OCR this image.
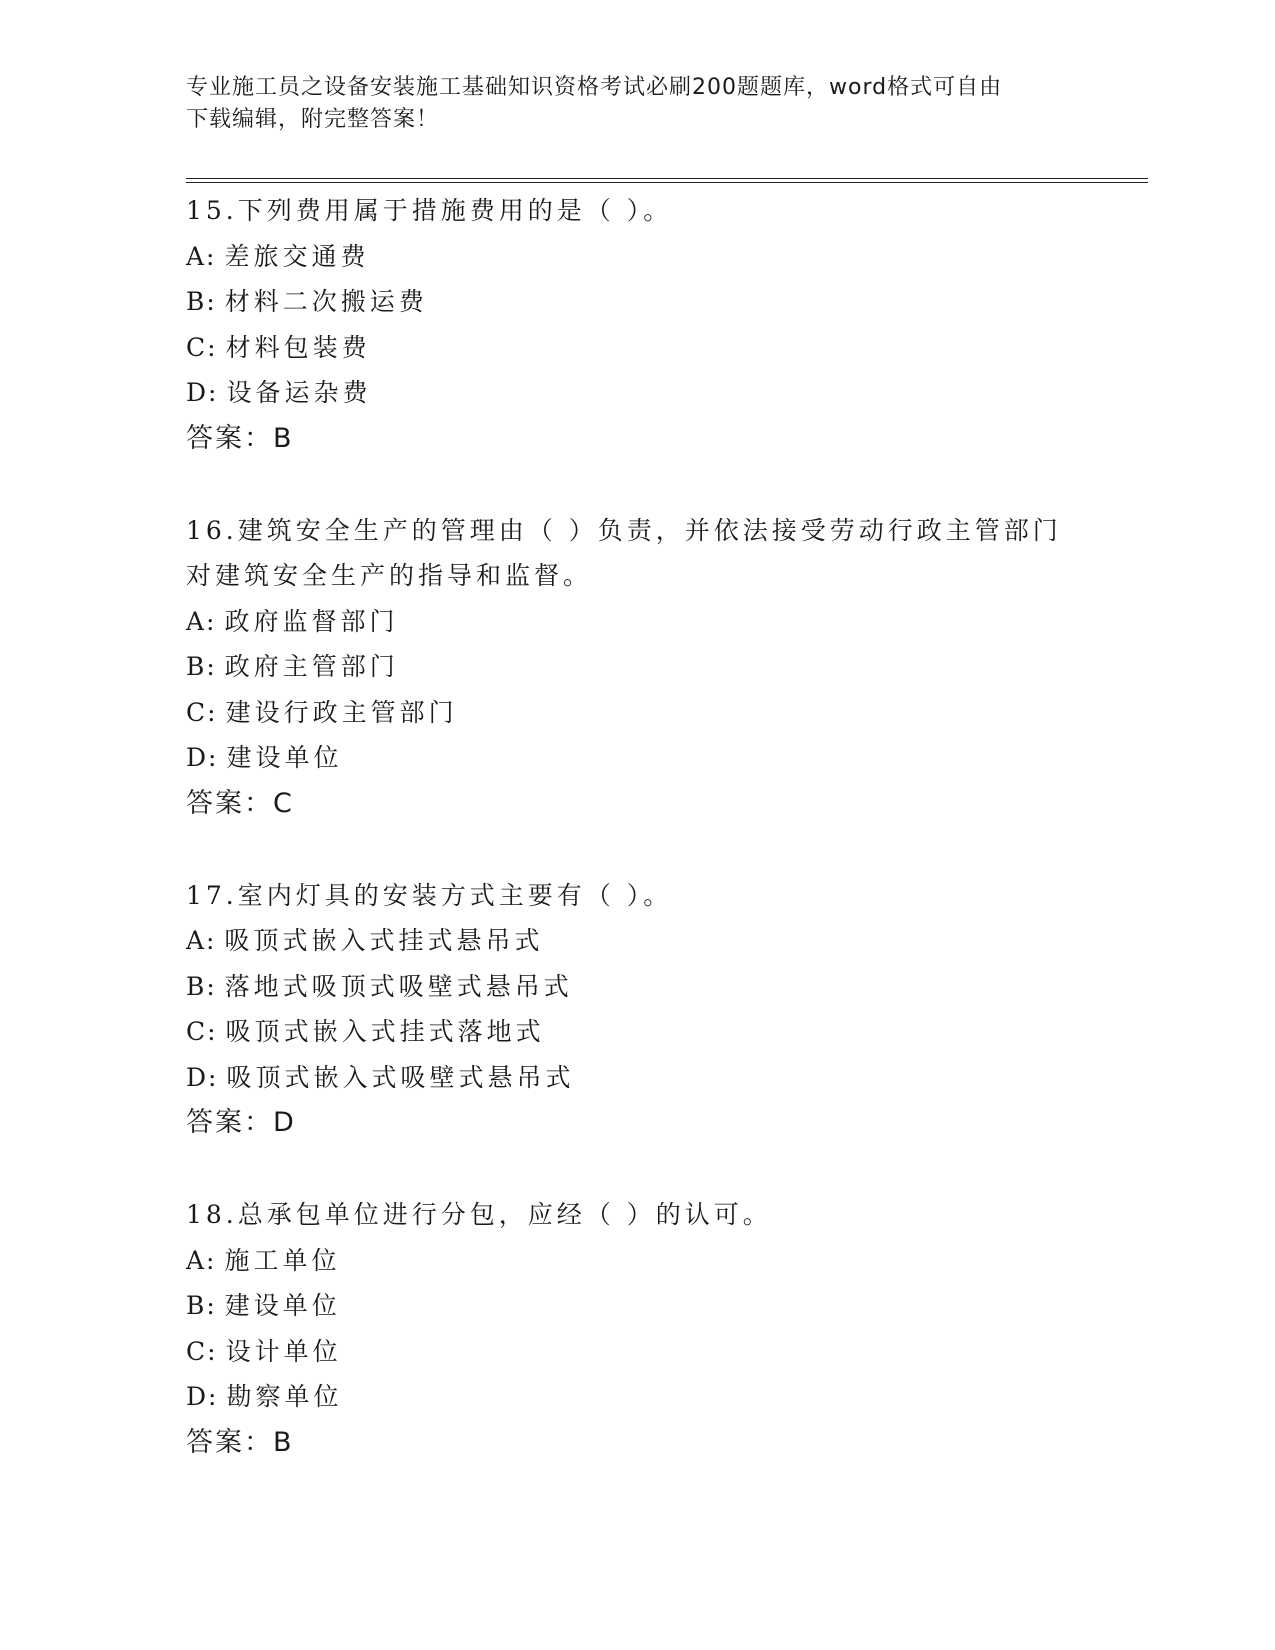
专业施工员之设备安装施工基础知识资格考试必刷200题题库，word格式可自由
下载编辑，附完整答案！
15.下列费用属于措施费用的是（ ）。
A: 差旅交通费
B: 材料二次搬运费
C: 材料包装费
D: 设备运杂费
答案：B
16.建筑安全生产的管理由（ ）负责，并依法接受劳动行政主管部门
对建筑安全生产的指导和监督。
A: 政府监督部门
B: 政府主管部门
C: 建设行政主管部门
D: 建设单位
答案：C
17.室内灯具的安装方式主要有（ ）。
A: 吸顶式嵌入式挂式悬吊式
B: 落地式吸顶式吸壁式悬吊式
C: 吸顶式嵌入式挂式落地式
D: 吸顶式嵌入式吸壁式悬吊式
答案：D
18.总承包单位进行分包，应经（ ）的认可。
A: 施工单位
B: 建设单位
C: 设计单位
D: 勘察单位
答案：B
